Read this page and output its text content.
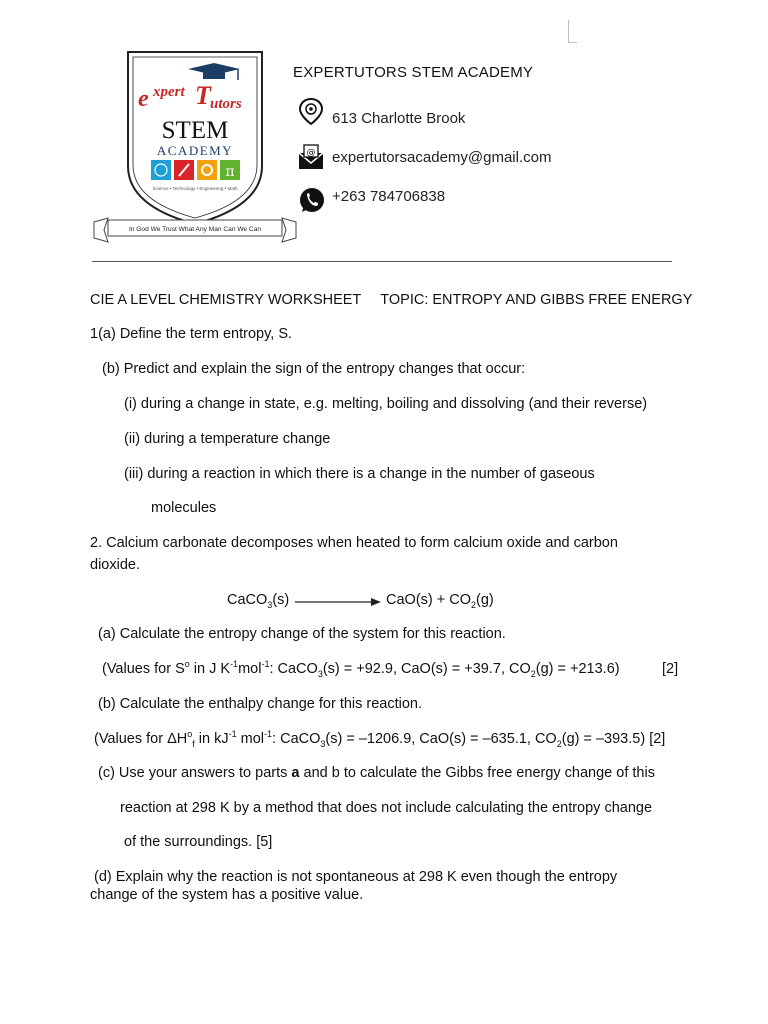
e xpert T utors
STEM
ACADEMY
π
Science • Technology • Engineering • Math
In God We Trust What Any Man Can We Can
EXPERTUTORS STEM ACADEMY
613 Charlotte Brook
@ expertutorsacademy@gmail.com
+263 784706838
CIE A LEVEL CHEMISTRY WORKSHEET TOPIC: ENTROPY AND GIBBS FREE ENERGY
1(a) Define the term entropy, S.
(b) Predict and explain the sign of the entropy changes that occur:
(i) during a change in state, e.g. melting, boiling and dissolving (and their reverse)
(ii) during a temperature change
(iii) during a reaction in which there is a change in the number of gaseous
molecules
2. Calcium carbonate decomposes when heated to form calcium oxide and carbon
dioxide.
CaCO$_3$(s)	$CaO(s) + CO_2(g)$
(a) Calculate the entropy change of the system for this reaction.
(Values for $S^o$ in J $K^{-1}mol^{-1}$: CaCO$_3$(s) = +92.9, CaO(s) = +39.7, $CO_2(g) = +213.6$)	[2]
(b) Calculate the enthalpy change for this reaction.
(Values for $\Delta H^o_f$ in $kJ^{-1}$ mol$^{-1}$: CaCO$_3$(s) = –1206.9, CaO(s) = –635.1, $CO_2(g) = -393.5$) [2]
(c) Use your answers to parts a and b to calculate the Gibbs free energy change of this
reaction at 298 K by a method that does not include calculating the entropy change
of the surroundings. [5]
(d) Explain why the reaction is not spontaneous at 298 K even though the entropy change of the system has a positive value.
